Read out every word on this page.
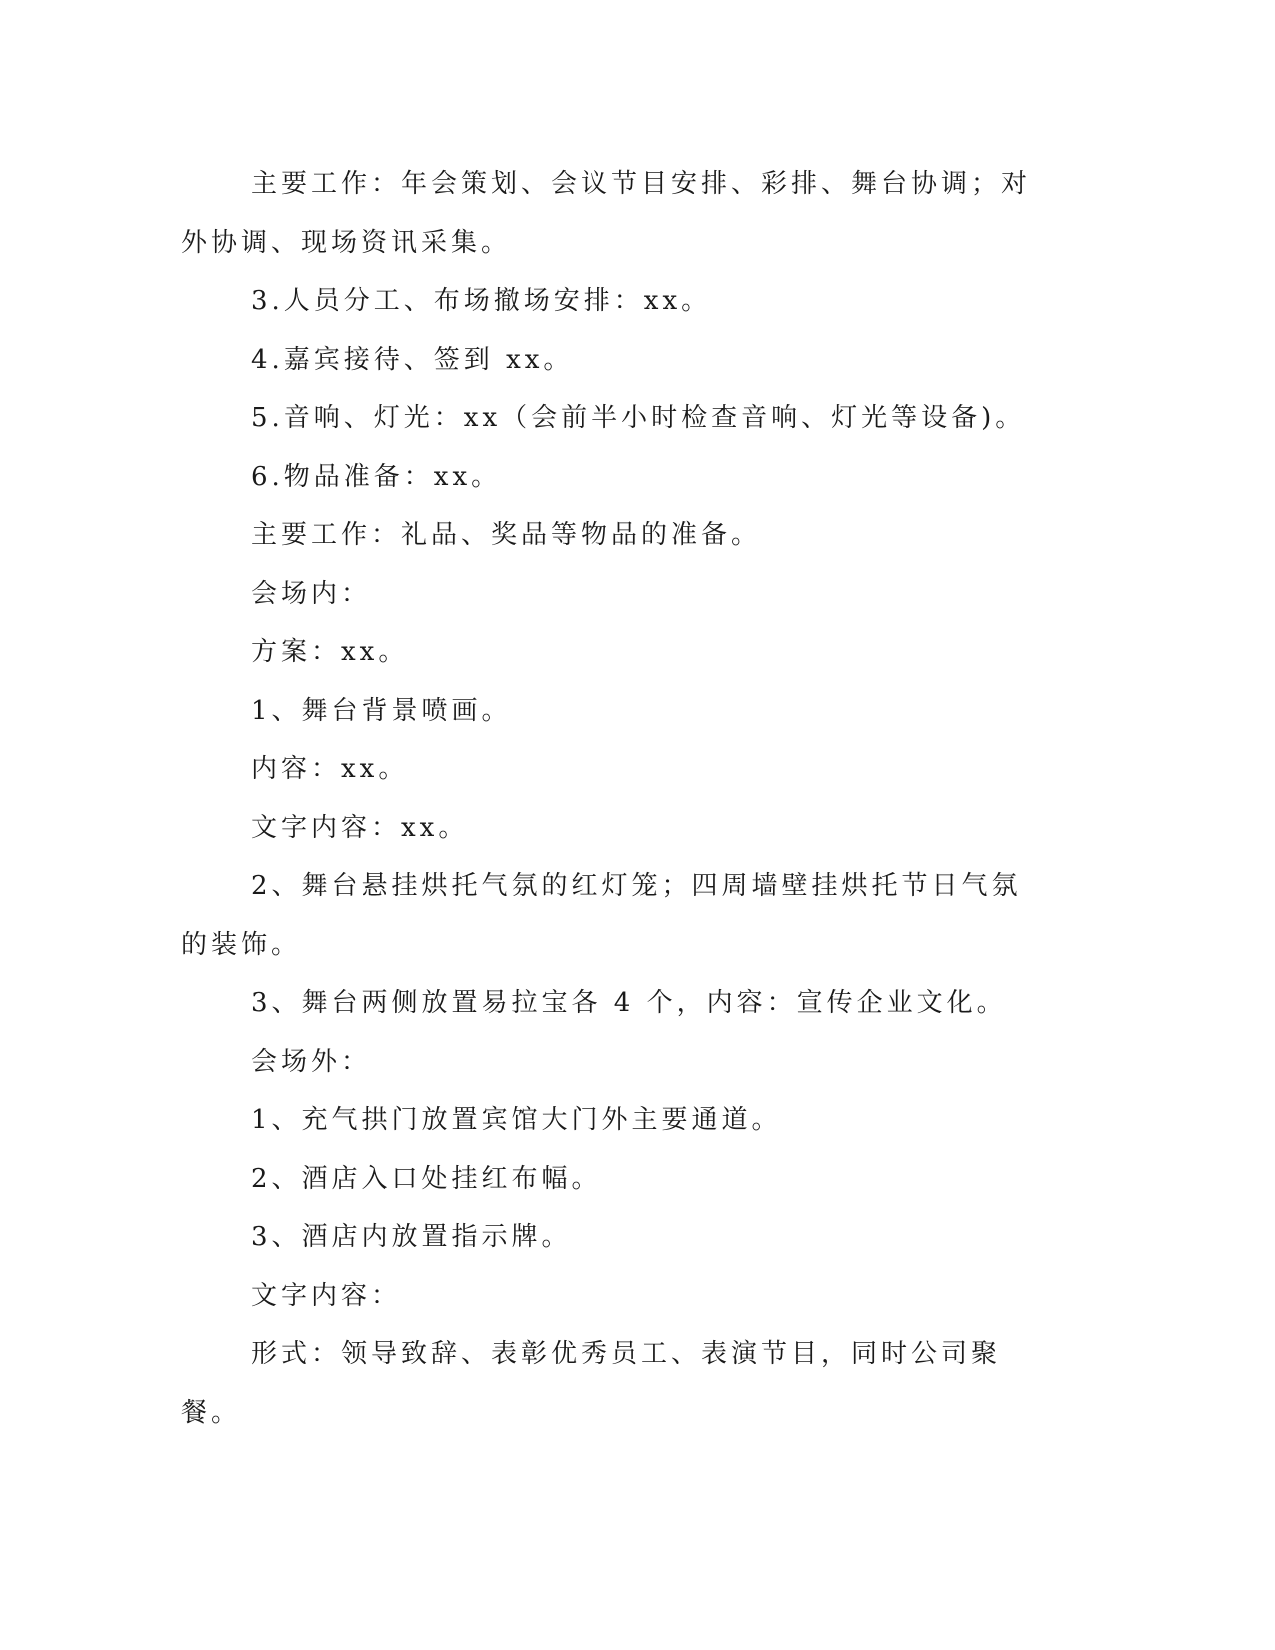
主要工作：年会策划、会议节目安排、彩排、舞台协调；对外协调、现场资讯采集。

3.人员分工、布场撤场安排：xx。

4.嘉宾接待、签到 xx。

5.音响、灯光：xx（会前半小时检查音响、灯光等设备)。

6.物品准备：xx。

主要工作：礼品、奖品等物品的准备。

会场内：

方案：xx。

1、舞台背景喷画。

内容：xx。

文字内容：xx。

2、舞台悬挂烘托气氛的红灯笼；四周墙壁挂烘托节日气氛的装饰。

3、舞台两侧放置易拉宝各 4 个，内容：宣传企业文化。

会场外：

1、充气拱门放置宾馆大门外主要通道。

2、酒店入口处挂红布幅。

3、酒店内放置指示牌。

文字内容：

形式：领导致辞、表彰优秀员工、表演节目，同时公司聚餐。
